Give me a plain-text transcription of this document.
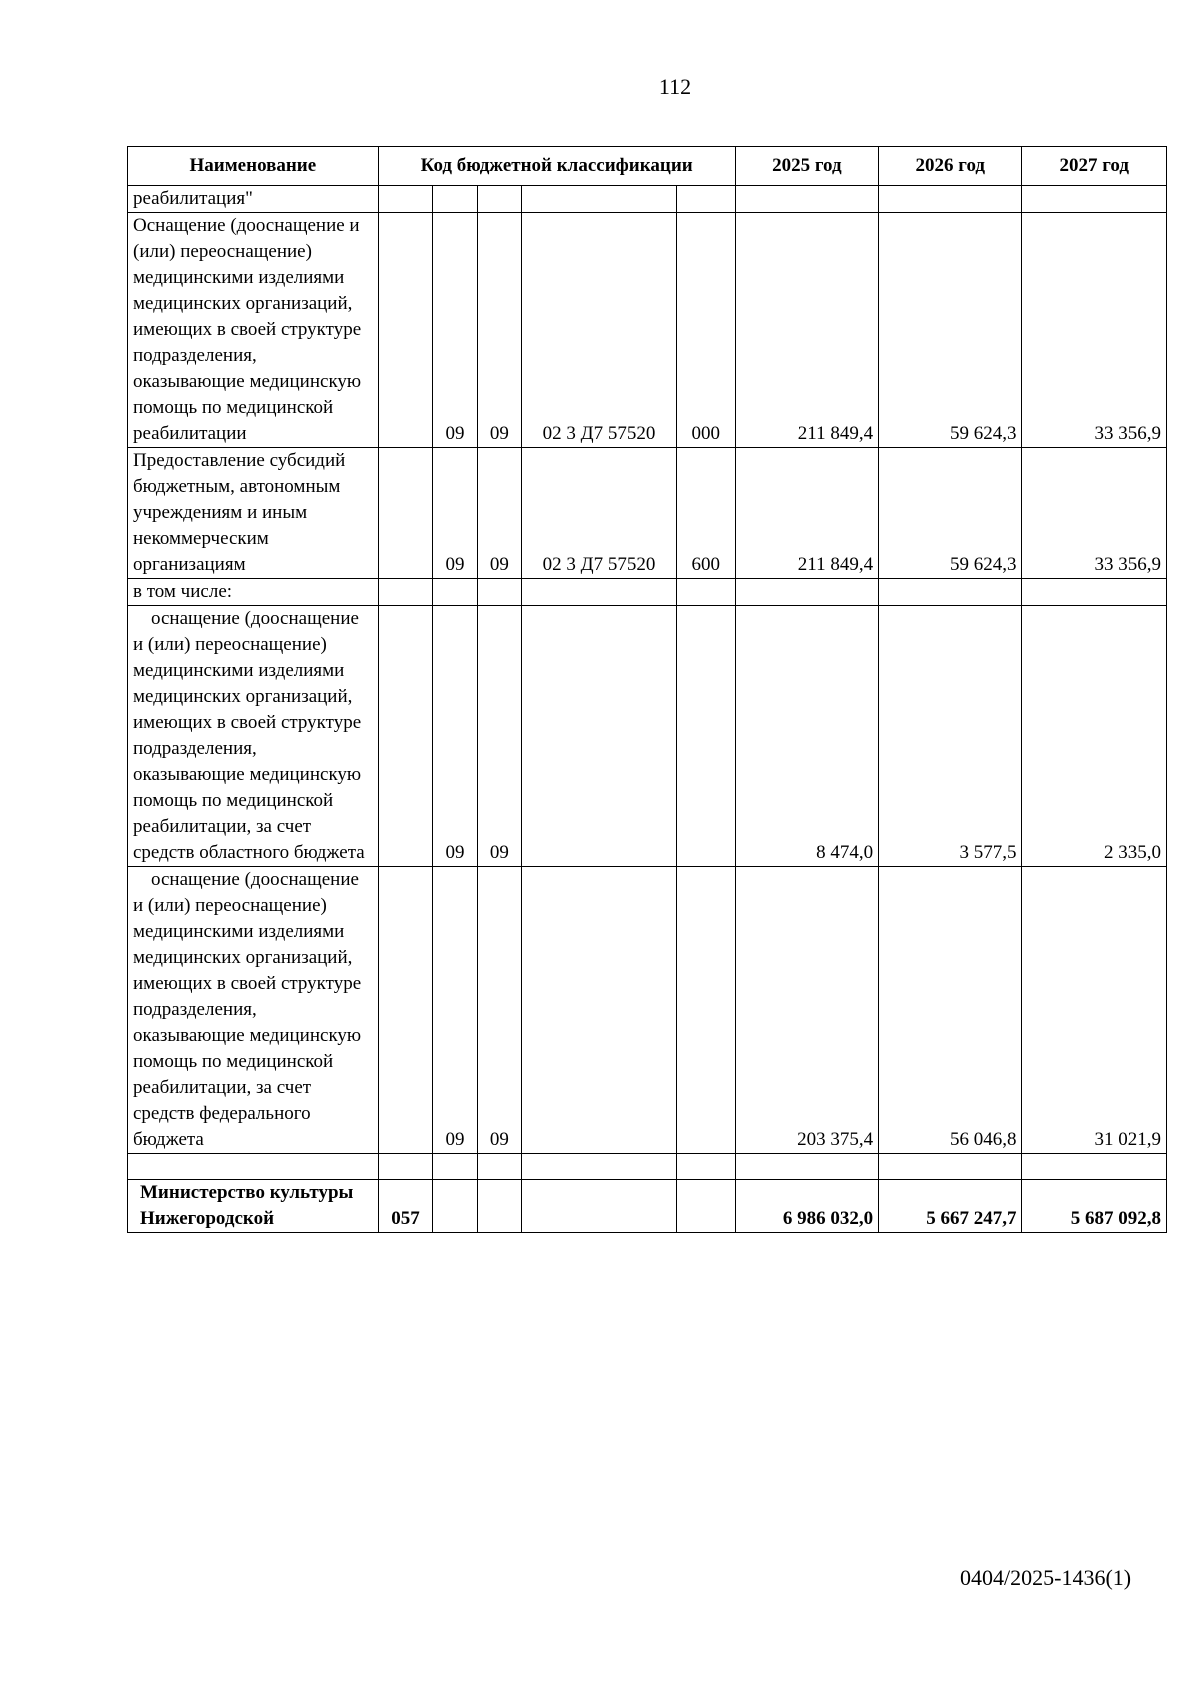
112
Наименование	Код бюджетной классификации					2025 год	2026 год	2027 год
реабилитация"								
Оснащение (дооснащение и (или) переоснащение) медицинскими изделиями медицинских организаций, имеющих в своей структуре подразделения, оказывающие медицинскую помощь по медицинской реабилитации		09	09	02 3 Д7 57520	000	211 849,4	59 624,3	33 356,9
Предоставление субсидий бюджетным, автономным учреждениям и иным некоммерческим организациям		09	09	02 3 Д7 57520	600	211 849,4	59 624,3	33 356,9
в том числе:								
оснащение (дооснащение и (или) переоснащение) медицинскими изделиями медицинских организаций, имеющих в своей структуре подразделения, оказывающие медицинскую помощь по медицинской реабилитации, за счет средств областного бюджета		09	09			8 474,0	3 577,5	2 335,0
оснащение (дооснащение и (или) переоснащение) медицинскими изделиями медицинских организаций, имеющих в своей структуре подразделения, оказывающие медицинскую помощь по медицинской реабилитации, за счет средств федерального бюджета		09	09			203 375,4	56 046,8	31 021,9

Министерство культуры Нижегородской	057					6 986 032,0	5 667 247,7	5 687 092,8
0404/2025-1436(1)
